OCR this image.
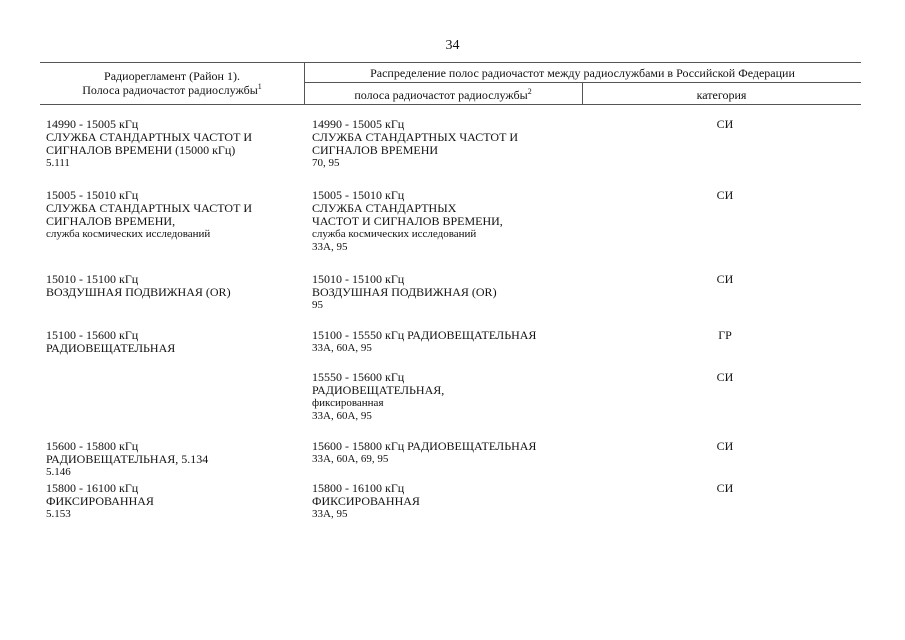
34
Радиорегламент (Район 1).
Полоса радиочастот радиослужбы$^1$
Распределение полос радиочастот между радиослужбами в Российской Федерации
полоса радиочастот радиослужбы$^2$	категория
14990 - 15005 кГц
СЛУЖБА СТАНДАРТНЫХ ЧАСТОТ И
СИГНАЛОВ ВРЕМЕНИ (15000 кГц)
5.111
14990 - 15005 кГц
СЛУЖБА СТАНДАРТНЫХ ЧАСТОТ И
СИГНАЛОВ ВРЕМЕНИ
70, 95
СИ
15005 - 15010 кГц
СЛУЖБА СТАНДАРТНЫХ ЧАСТОТ И
СИГНАЛОВ ВРЕМЕНИ,
служба космических исследований
15005 - 15010 кГц
СЛУЖБА СТАНДАРТНЫХ
ЧАСТОТ И СИГНАЛОВ ВРЕМЕНИ,
служба космических исследований
33А, 95
СИ
15010 - 15100 кГц
ВОЗДУШНАЯ ПОДВИЖНАЯ (OR)
15010 - 15100 кГц
ВОЗДУШНАЯ ПОДВИЖНАЯ (OR)
95
СИ
15100 - 15600 кГц
РАДИОВЕЩАТЕЛЬНАЯ
15100 - 15550 кГц РАДИОВЕЩАТЕЛЬНАЯ
33А, 60А, 95
ГР
15550 - 15600 кГц
РАДИОВЕЩАТЕЛЬНАЯ,
фиксированная
33А, 60А, 95
СИ
15600 - 15800 кГц
РАДИОВЕЩАТЕЛЬНАЯ, 5.134
5.146
15600 - 15800 кГц РАДИОВЕЩАТЕЛЬНАЯ
33А, 60А, 69, 95
СИ
15800 - 16100 кГц
ФИКСИРОВАННАЯ
5.153
15800 - 16100 кГц
ФИКСИРОВАННАЯ
33А, 95
СИ
